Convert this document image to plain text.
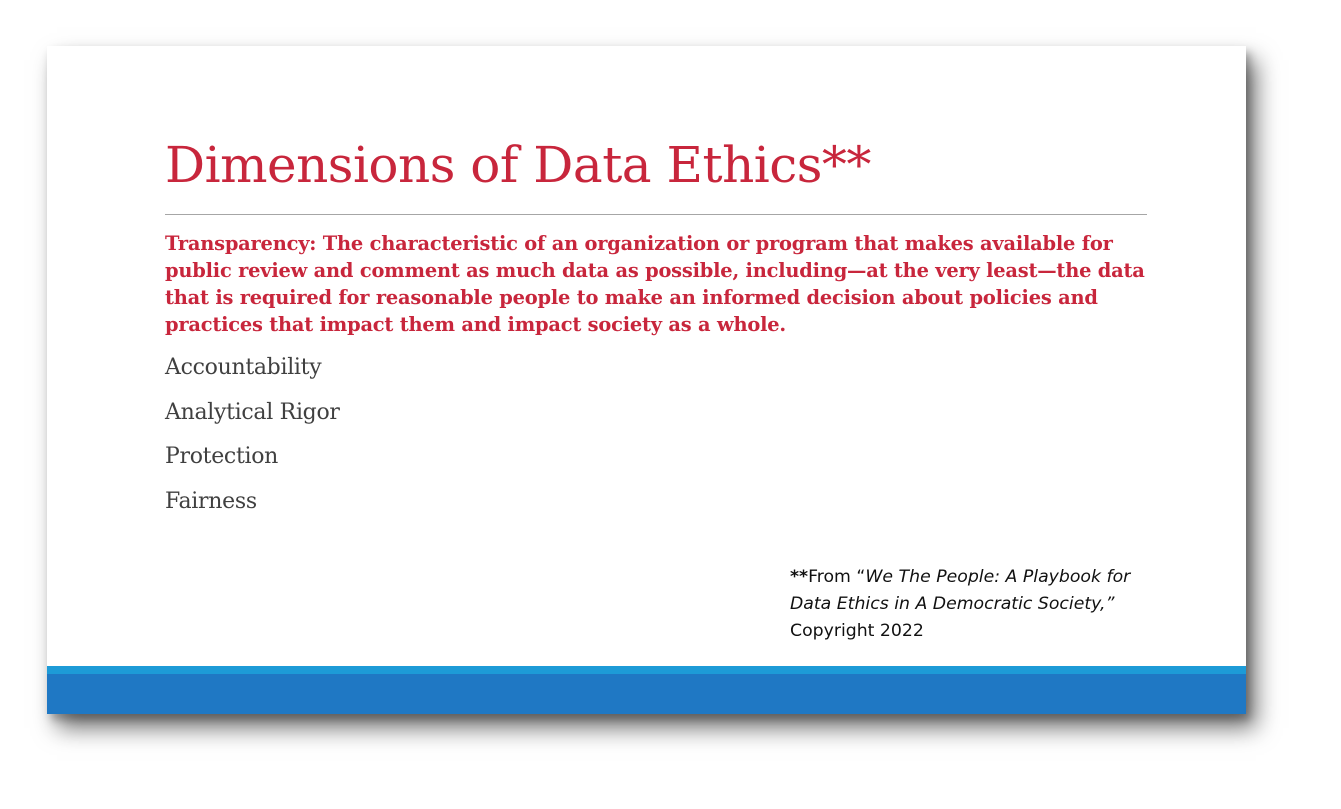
Dimensions of Data Ethics**

Transparency: The characteristic of an organization or program that makes available for public review and comment as much data as possible, including—at the very least—the data that is required for reasonable people to make an informed decision about policies and practices that impact them and impact society as a whole.

Accountability

Analytical Rigor

Protection

Fairness

**From “We The People: A Playbook for Data Ethics in A Democratic Society,” Copyright 2022
